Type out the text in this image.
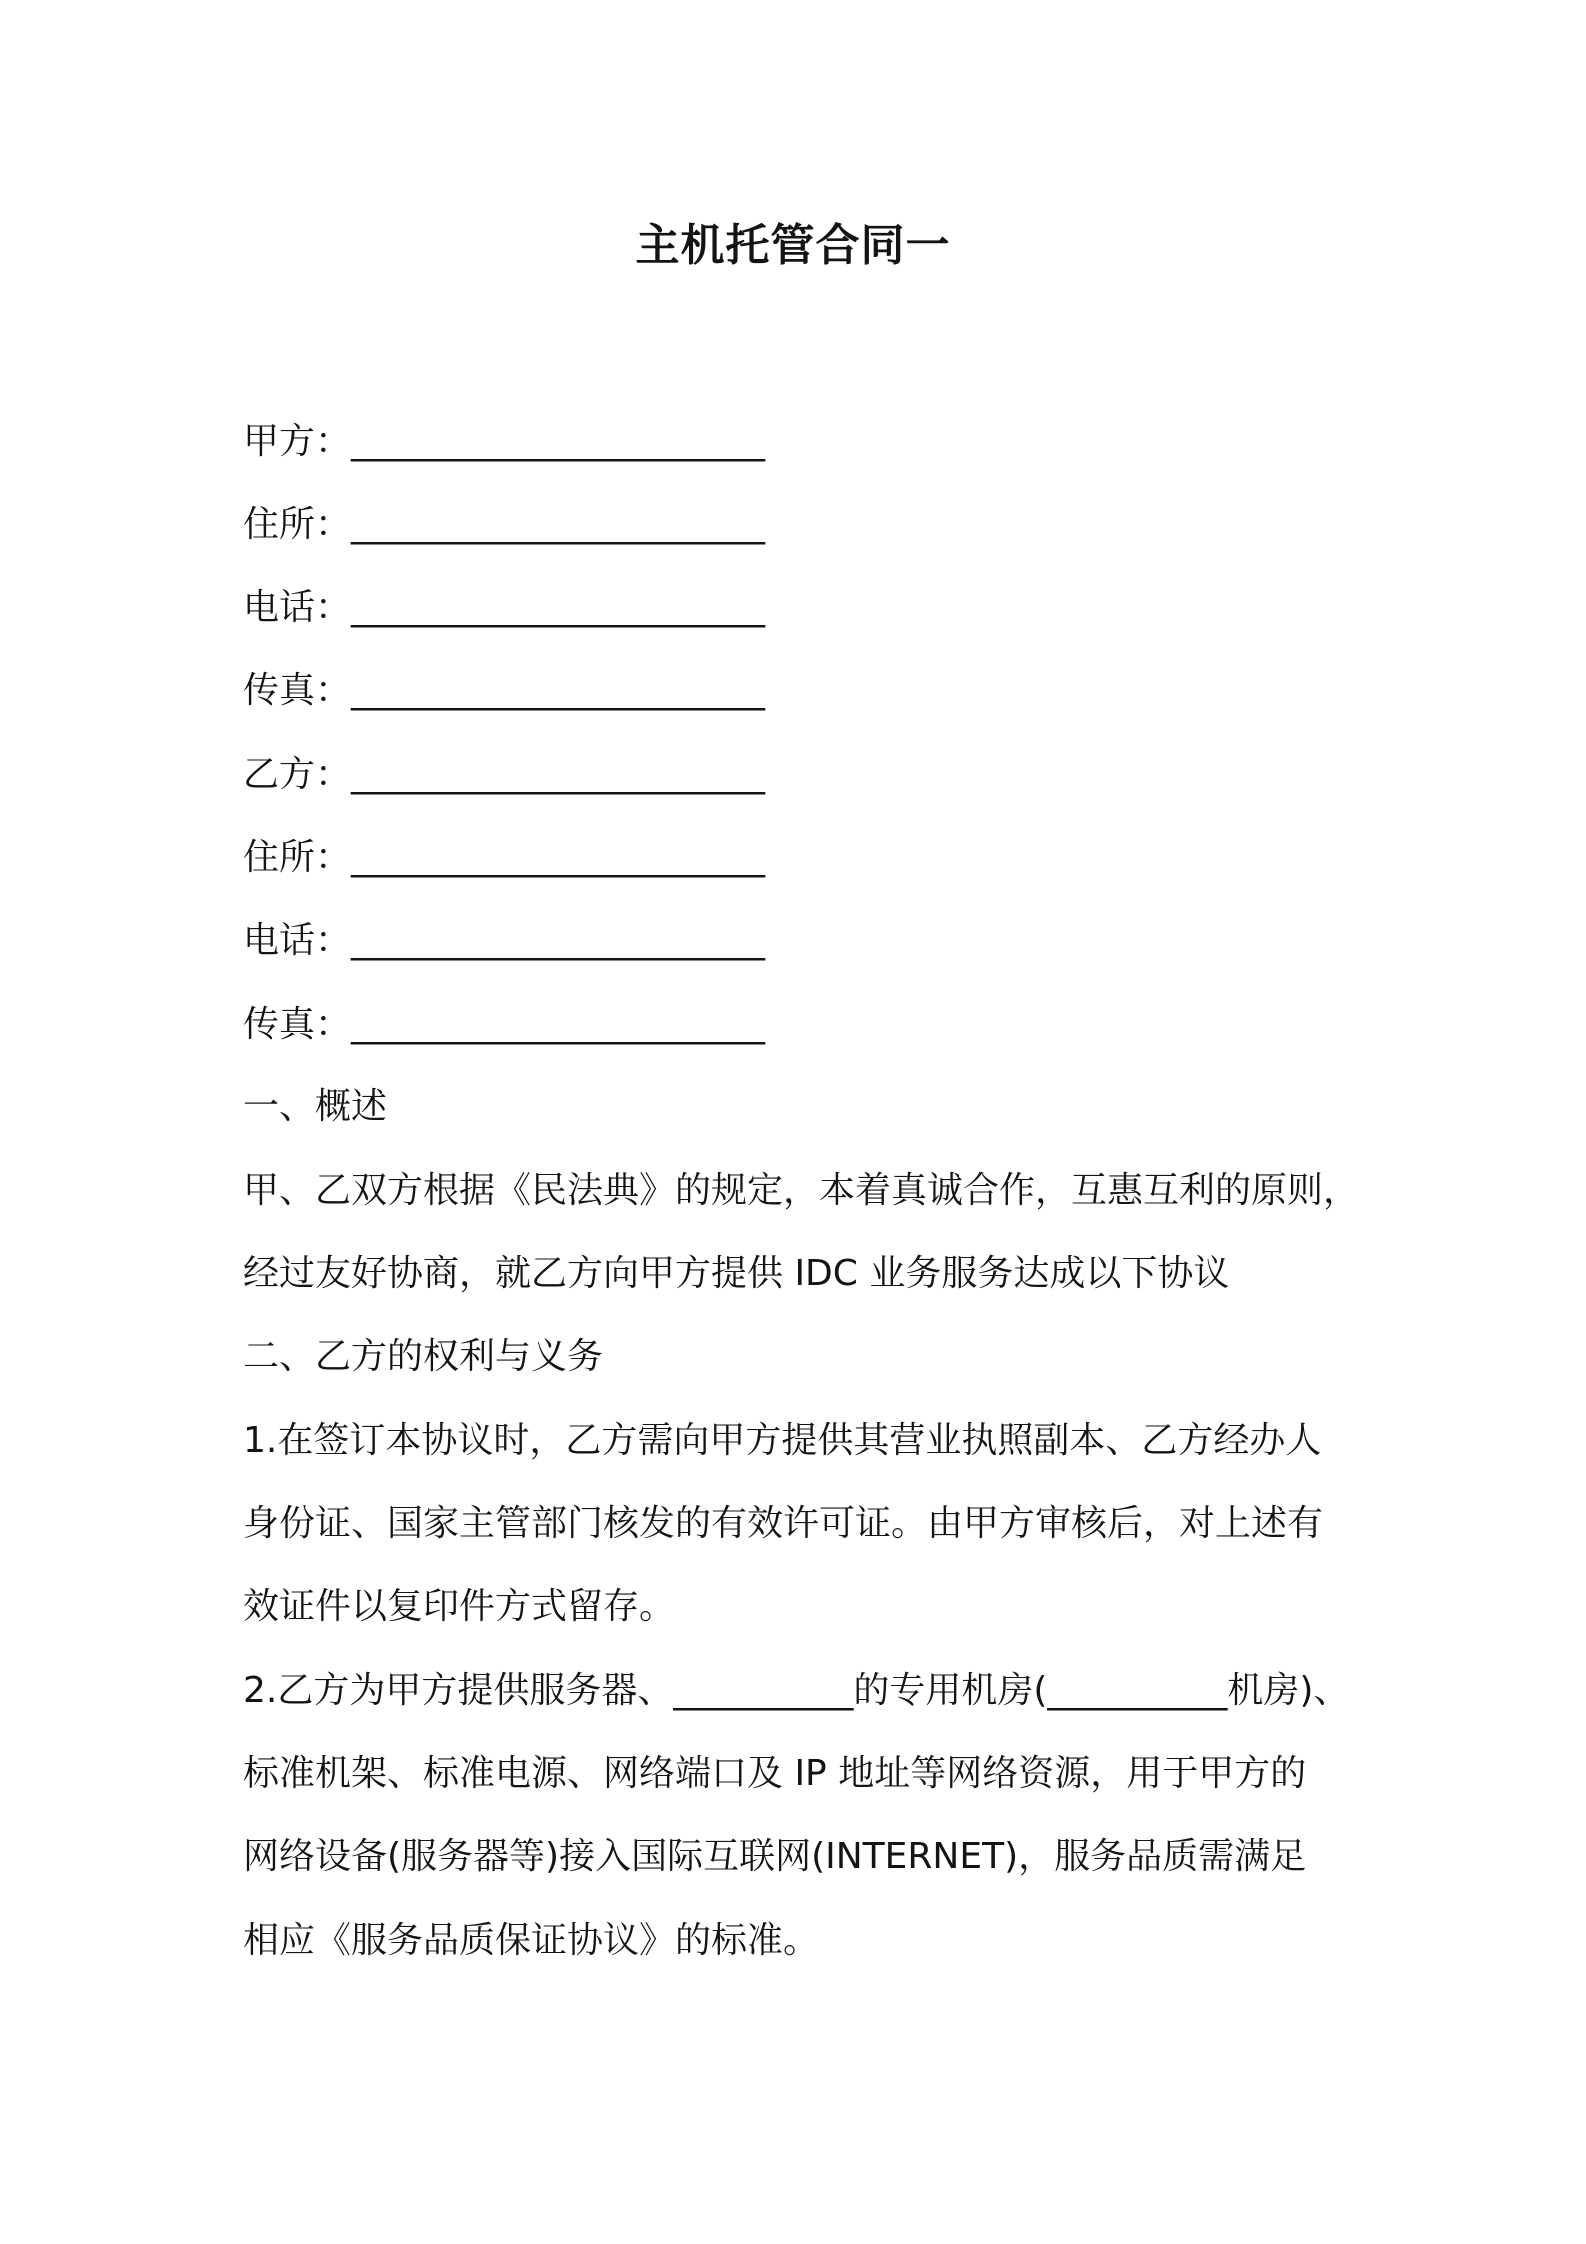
主机托管合同一
甲方：_______________________
住所：_______________________
电话：_______________________
传真：_______________________
乙方：_______________________
住所：_______________________
电话：_______________________
传真：_______________________
一、概述
甲、乙双方根据《民法典》的规定，本着真诚合作，互惠互利的原则，
经过友好协商，就乙方向甲方提供 IDC 业务服务达成以下协议
二、乙方的权利与义务
1.在签订本协议时，乙方需向甲方提供其营业执照副本、乙方经办人
身份证、国家主管部门核发的有效许可证。由甲方审核后，对上述有
效证件以复印件方式留存。
2.乙方为甲方提供服务器、__________的专用机房(__________机房)、
标准机架、标准电源、网络端口及 IP 地址等网络资源，用于甲方的
网络设备(服务器等)接入国际互联网(INTERNET)，服务品质需满足
相应《服务品质保证协议》的标准。
